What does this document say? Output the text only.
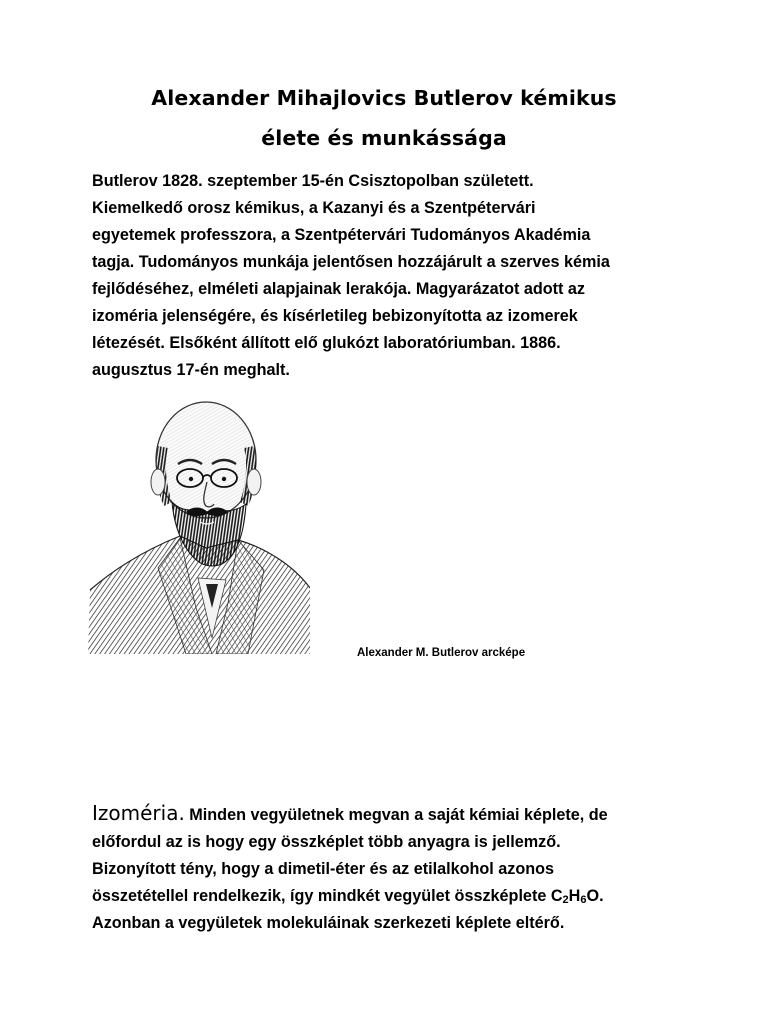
Alexander Mihajlovics Butlerov kémikus
élete és munkássága
Butlerov 1828. szeptember 15-én Csisztopolban született.
Kiemelkedő orosz kémikus, a Kazanyi és a Szentpétervári
egyetemek professzora, a Szentpétervári Tudományos Akadémia
tagja. Tudományos munkája jelentősen hozzájárult a szerves kémia
fejlődéséhez, elméleti alapjainak lerakója. Magyarázatot adott az
izoméria jelenségére, és kísérletileg bebizonyította az izomerek
létezését. Elsőként állított elő glukózt laboratóriumban. 1886.
augusztus 17-én meghalt.

Alexander M. Butlerov arcképe

Izoméria. Minden vegyületnek megvan a saját kémiai képlete, de
előfordul az is hogy egy összképlet több anyagra is jellemző.
Bizonyított tény, hogy a dimetil-éter és az etilalkohol azonos
összetétellel rendelkezik, így mindkét vegyület összképlete $C_2H_6O$.
Azonban a vegyületek molekuláinak szerkezeti képlete eltérő.
